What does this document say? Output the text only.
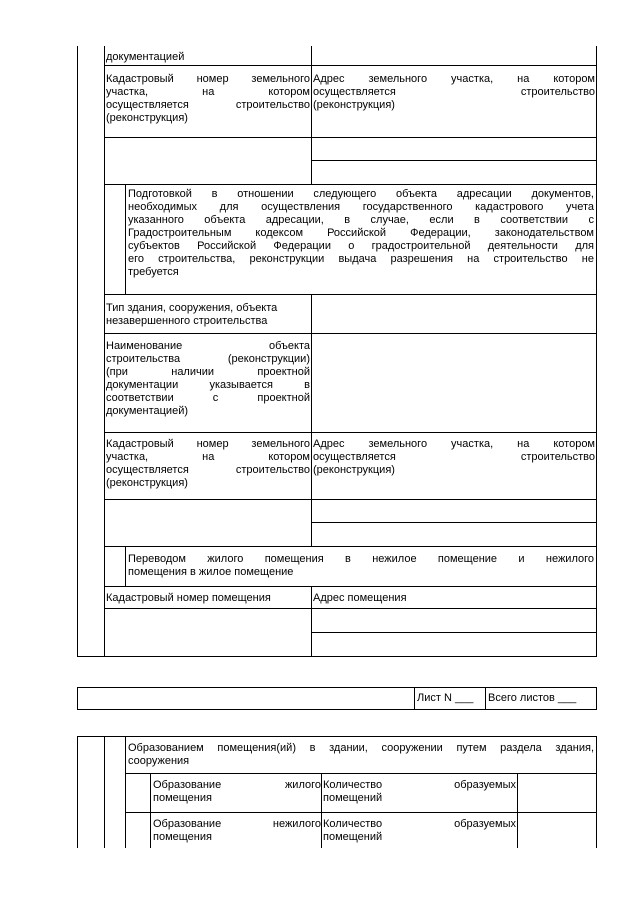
документацией
Кадастровый номер земельного
участка, на котором
осуществляется строительство
(реконструкция)
Адрес земельного участка, на котором
осуществляется строительство
(реконструкция)
Подготовкой в отношении следующего объекта адресации документов,
необходимых для осуществления государственного кадастрового учета
указанного объекта адресации, в случае, если в соответствии с
Градостроительным кодексом Российской Федерации, законодательством
субъектов Российской Федерации о градостроительной деятельности для
его строительства, реконструкции выдача разрешения на строительство не
требуется
Тип здания, сооружения, объекта
незавершенного строительства
Наименование объекта
строительства (реконструкции)
(при наличии проектной
документации указывается в
соответствии с проектной
документацией)
Кадастровый номер земельного
участка, на котором
осуществляется строительство
(реконструкция)
Адрес земельного участка, на котором
осуществляется строительство
(реконструкция)
Переводом жилого помещения в нежилое помещение и нежилого
помещения в жилое помещение
Кадастровый номер помещения	Адрес помещения
Лист N ___	Всего листов ___
Образованием помещения(ий) в здании, сооружении путем раздела здания,
сооружения
Образование жилого
помещения
Количество образуемых
помещений
Образование нежилого
помещения
Количество образуемых
помещений
